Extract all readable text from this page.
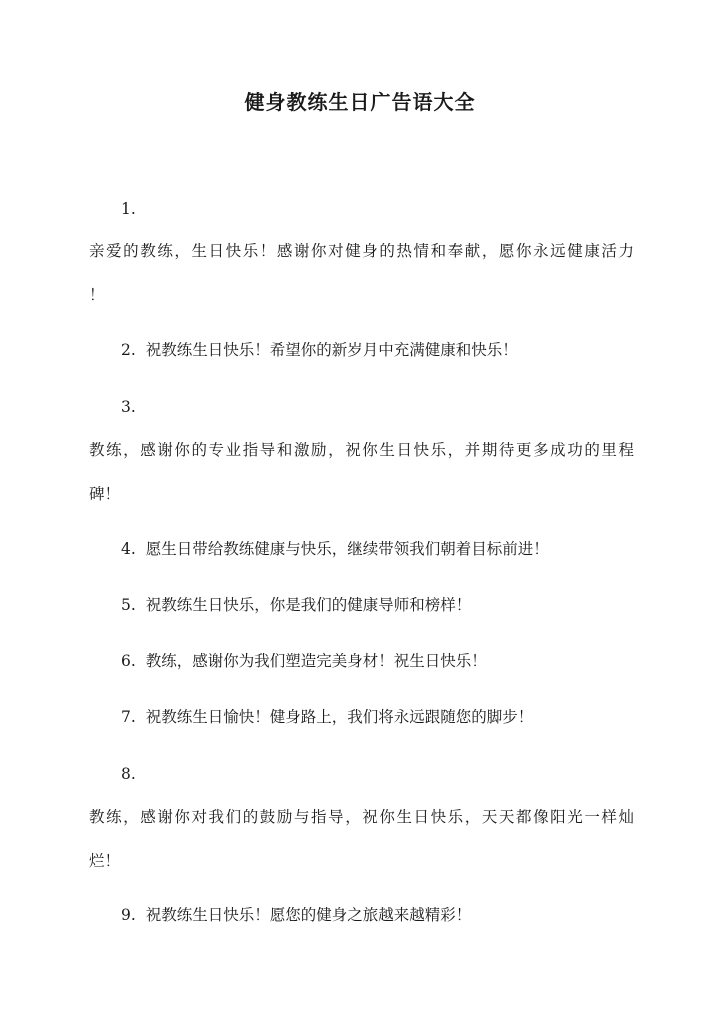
健身教练生日广告语大全
1.
亲爱的教练，生日快乐！感谢你对健身的热情和奉献，愿你永远健康活力
！
2. 祝教练生日快乐！希望你的新岁月中充满健康和快乐！
3.
教练，感谢你的专业指导和激励，祝你生日快乐，并期待更多成功的里程
碑！
4. 愿生日带给教练健康与快乐，继续带领我们朝着目标前进！
5. 祝教练生日快乐，你是我们的健康导师和榜样！
6. 教练，感谢你为我们塑造完美身材！祝生日快乐！
7. 祝教练生日愉快！健身路上，我们将永远跟随您的脚步！
8.
教练，感谢你对我们的鼓励与指导，祝你生日快乐，天天都像阳光一样灿
烂！
9. 祝教练生日快乐！愿您的健身之旅越来越精彩！
